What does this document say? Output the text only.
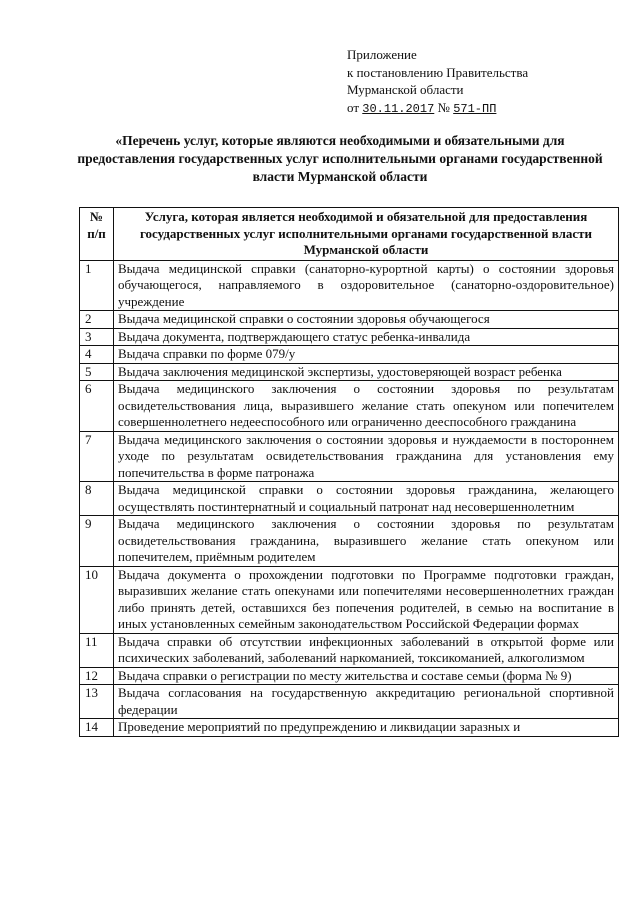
Приложение
к постановлению Правительства
Мурманской области
от 30.11.2017 № 571-ПП
«Перечень услуг, которые являются необходимыми и обязательными для предоставления государственных услуг исполнительными органами государственной власти Мурманской области
№ п/п	Услуга, которая является необходимой и обязательной для предоставления государственных услуг исполнительными органами государственной власти Мурманской области
1	Выдача медицинской справки (санаторно-курортной карты) о состоянии здоровья обучающегося, направляемого в оздоровительное (санаторно-оздоровительное) учреждение
2	Выдача медицинской справки о состоянии здоровья обучающегося
3	Выдача документа, подтверждающего статус ребенка-инвалида
4	Выдача справки по форме 079/у
5	Выдача заключения медицинской экспертизы, удостоверяющей возраст ребенка
6	Выдача медицинского заключения о состоянии здоровья по результатам освидетельствования лица, выразившего желание стать опекуном или попечителем совершеннолетнего недееспособного или ограниченно дееспособного гражданина
7	Выдача медицинского заключения о состоянии здоровья и нуждаемости в постороннем уходе по результатам освидетельствования гражданина для установления ему попечительства в форме патронажа
8	Выдача медицинской справки о состоянии здоровья гражданина, желающего осуществлять постинтернатный и социальный патронат над несовершеннолетним
9	Выдача медицинского заключения о состоянии здоровья по результатам освидетельствования гражданина, выразившего желание стать опекуном или попечителем, приёмным родителем
10	Выдача документа о прохождении подготовки по Программе подготовки граждан, выразивших желание стать опекунами или попечителями несовершеннолетних граждан либо принять детей, оставшихся без попечения родителей, в семью на воспитание в иных установленных семейным законодательством Российской Федерации формах
11	Выдача справки об отсутствии инфекционных заболеваний в открытой форме или психических заболеваний, заболеваний наркоманией, токсикоманией, алкоголизмом
12	Выдача справки о регистрации по месту жительства и составе семьи (форма № 9)
13	Выдача согласования на государственную аккредитацию региональной спортивной федерации
14	Проведение мероприятий по предупреждению и ликвидации заразных и
